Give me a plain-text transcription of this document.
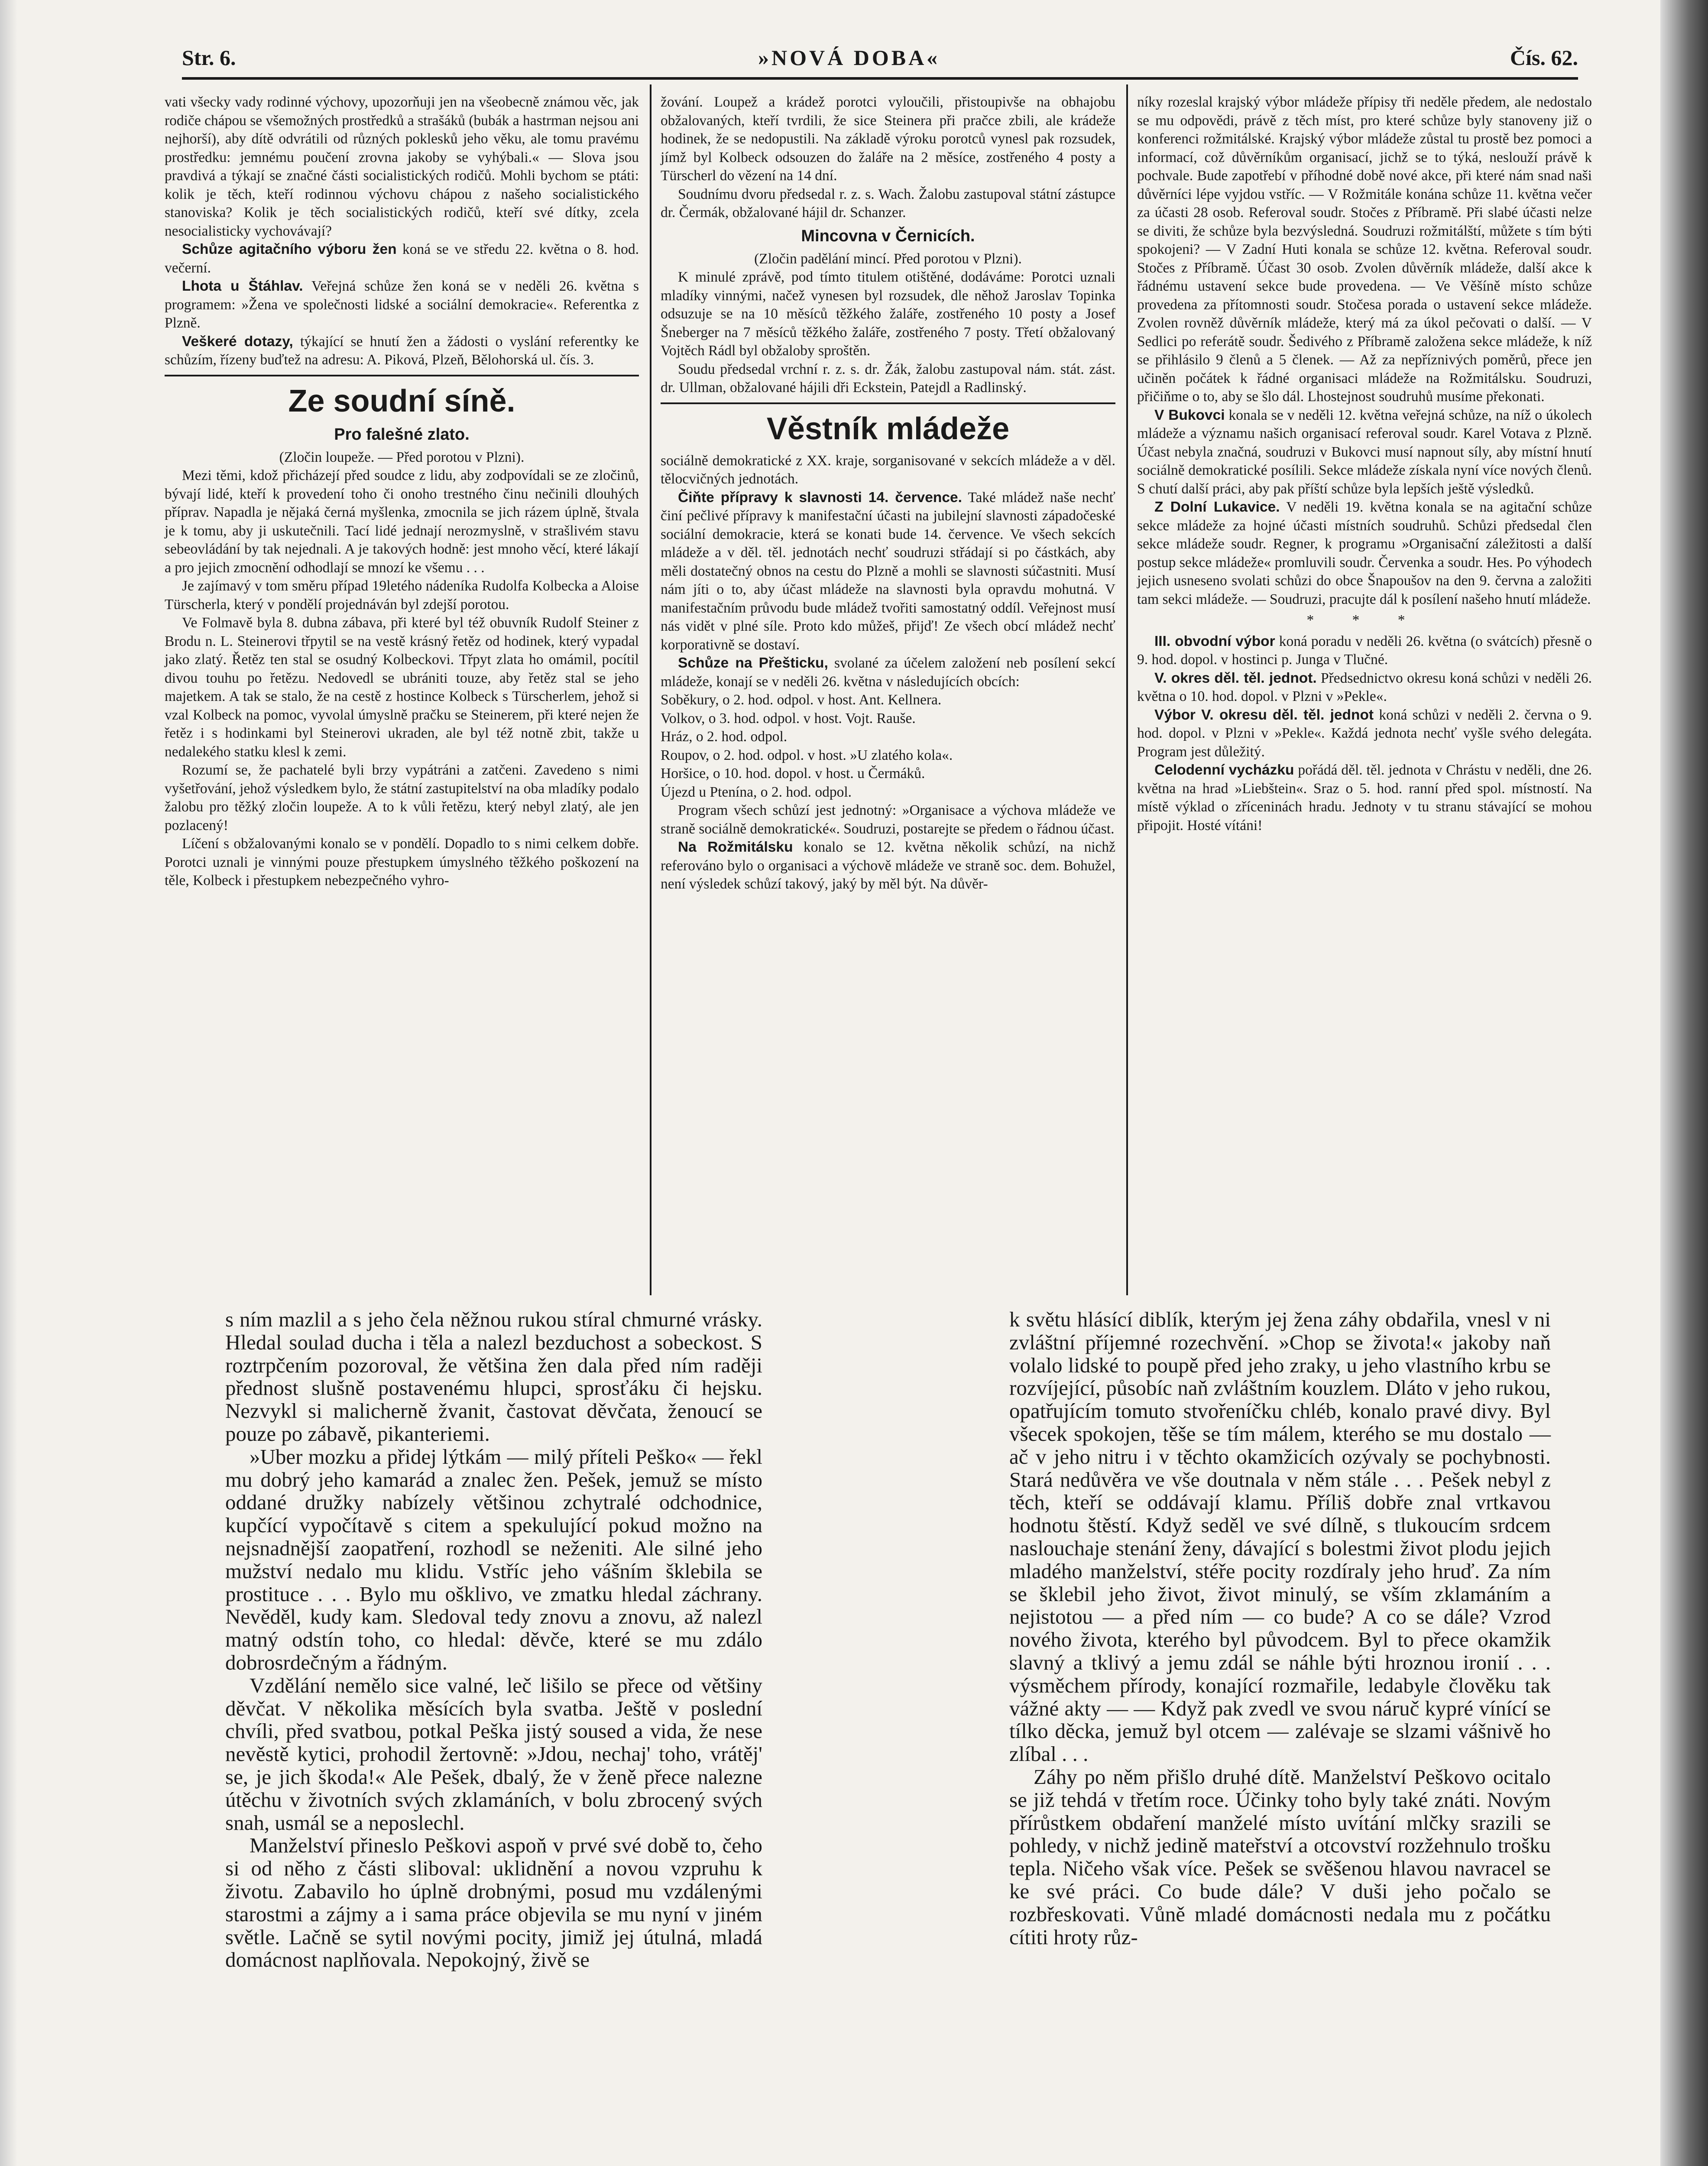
Str. 6.	»NOVÁ DOBA«	Čís. 62.

vati všecky vady rodinné výchovy, upozorňuji jen na všeobecně známou věc, jak rodiče chápou se všemožných prostředků a strašáků (bubák a hastrman nejsou ani nejhorší), aby dítě odvrátili od různých poklesků jeho věku, ale tomu pravému prostředku: jemnému poučení zrovna jakoby se vyhýbali.« — Slova jsou pravdivá a týkají se značné části socialistických rodičů. Mohli bychom se ptáti: kolik je těch, kteří rodinnou výchovu chápou z našeho socialistického stanoviska? Kolik je těch socialistických rodičů, kteří své dítky, zcela nesocialisticky vychovávají?

Schůze agitačního výboru žen koná se ve středu 22. května o 8. hod. večerní.

Lhota u Štáhlav. Veřejná schůze žen koná se v neděli 26. května s programem: »Žena ve společnosti lidské a sociální demokracie«. Referentka z Plzně.

Veškeré dotazy, týkající se hnutí žen a žádosti o vyslání referentky ke schůzím, řízeny buďtež na adresu: A. Piková, Plzeň, Bělohorská ul. čís. 3.

Ze soudní síně.
Pro falešné zlato.
(Zločin loupeže. — Před porotou v Plzni).

Mezi těmi, kdož přicházejí před soudce z lidu, aby zodpovídali se ze zločinů, bývají lidé, kteří k provedení toho či onoho trestného činu nečinili dlouhých příprav. Napadla je nějaká černá myšlenka, zmocnila se jich rázem úplně, štvala je k tomu, aby ji uskutečnili. Tací lidé jednají nerozmyslně, v strašlivém stavu sebeovládání by tak nejednali. A je takových hodně: jest mnoho věcí, které lákají a pro jejich zmocnění odhodlají se mnozí ke všemu . . .

Je zajímavý v tom směru případ 19letého nádeníka Rudolfa Kolbecka a Aloise Türscherla, který v pondělí projednáván byl zdejší porotou.

Ve Folmavě byla 8. dubna zábava, při které byl též obuvník Rudolf Steiner z Brodu n. L. Steinerovi třpytil se na vestě krásný řetěz od hodinek, který vypadal jako zlatý. Řetěz ten stal se osudný Kolbeckovi. Třpyt zlata ho omámil, pocítil divou touhu po řetězu. Nedovedl se ubrániti touze, aby řetěz stal se jeho majetkem. A tak se stalo, že na cestě z hostince Kolbeck s Türscherlem, jehož si vzal Kolbeck na pomoc, vyvolal úmyslně pračku se Steinerem, při které nejen že řetěz i s hodinkami byl Steinerovi ukraden, ale byl též notně zbit, takže u nedalekého statku klesl k zemi.

Rozumí se, že pachatelé byli brzy vypátráni a zatčeni. Zavedeno s nimi vyšetřování, jehož výsledkem bylo, že státní zastupitelství na oba mladíky podalo žalobu pro těžký zločin loupeže. A to k vůli řetězu, který nebyl zlatý, ale jen pozlacený!

Líčení s obžalovanými konalo se v pondělí. Dopadlo to s nimi celkem dobře. Porotci uznali je vinnými pouze přestupkem úmyslného těžkého poškození na těle, Kolbeck i přestupkem nebezpečného vyhro-

žování. Loupež a krádež porotci vyloučili, přistoupivše na obhajobu obžalovaných, kteří tvrdili, že sice Steinera při pračce zbili, ale krádeže hodinek, že se nedopustili. Na základě výroku porotců vynesl pak rozsudek, jímž byl Kolbeck odsouzen do žaláře na 2 měsíce, zostřeného 4 posty a Türscherl do vězení na 14 dní.

Soudnímu dvoru předsedal r. z. s. Wach. Žalobu zastupoval státní zástupce dr. Čermák, obžalované hájil dr. Schanzer.

Mincovna v Černicích.
(Zločin padělání mincí. Před porotou v Plzni).

K minulé zprávě, pod tímto titulem otištěné, dodáváme: Porotci uznali mladíky vinnými, načež vynesen byl rozsudek, dle něhož Jaroslav Topinka odsuzuje se na 10 měsíců těžkého žaláře, zostřeného 10 posty a Josef Šneberger na 7 měsíců těžkého žaláře, zostřeného 7 posty. Třetí obžalovaný Vojtěch Rádl byl obžaloby sproštěn.

Soudu předsedal vrchní r. z. s. dr. Žák, žalobu zastupoval nám. stát. zást. dr. Ullman, obžalované hájili dři Eckstein, Patejdl a Radlinský.

Věstník mládeže

sociálně demokratické z XX. kraje, sorganisované v sekcích mládeže a v děl. tělocvičných jednotách.

Čiňte přípravy k slavnosti 14. července. Také mládež naše nechť činí pečlivé přípravy k manifestační účasti na jubilejní slavnosti západočeské sociální demokracie, která se konati bude 14. července. Ve všech sekcích mládeže a v děl. těl. jednotách nechť soudruzi střádají si po částkách, aby měli dostatečný obnos na cestu do Plzně a mohli se slavnosti súčastniti. Musí nám jíti o to, aby účast mládeže na slavnosti byla opravdu mohutná. V manifestačním průvodu bude mládež tvořiti samostatný oddíl. Veřejnost musí nás vidět v plné síle. Proto kdo můžeš, přijď! Ze všech obcí mládež nechť korporativně se dostaví.

Schůze na Přešticku, svolané za účelem založení neb posílení sekcí mládeže, konají se v neděli 26. května v následujících obcích:

Soběkury, o 2. hod. odpol. v host. Ant. Kellnera.

Volkov, o 3. hod. odpol. v host. Vojt. Rauše.

Hráz, o 2. hod. odpol.

Roupov, o 2. hod. odpol. v host. »U zlatého kola«.

Horšice, o 10. hod. dopol. v host. u Čermáků.

Újezd u Ptenína, o 2. hod. odpol.

Program všech schůzí jest jednotný: »Organisace a výchova mládeže ve straně sociálně demokratické«. Soudruzi, postarejte se předem o řádnou účast.

Na Rožmitálsku konalo se 12. května několik schůzí, na nichž referováno bylo o organisaci a výchově mládeže ve straně soc. dem. Bohužel, není výsledek schůzí takový, jaký by měl být. Na důvěr-

níky rozeslal krajský výbor mládeže přípisy tři neděle předem, ale nedostalo se mu odpovědi, právě z těch míst, pro které schůze byly stanoveny již o konferenci rožmitálské. Krajský výbor mládeže zůstal tu prostě bez pomoci a informací, což důvěrníkům organisací, jichž se to týká, neslouží právě k pochvale. Bude zapotřebí v příhodné době nové akce, při které nám snad naši důvěrníci lépe vyjdou vstříc. — V Rožmitále konána schůze 11. května večer za účasti 28 osob. Referoval soudr. Stočes z Příbramě. Při slabé účasti nelze se diviti, že schůze byla bezvýsledná. Soudruzi rožmitálští, můžete s tím býti spokojeni? — V Zadní Huti konala se schůze 12. května. Referoval soudr. Stočes z Příbramě. Účast 30 osob. Zvolen důvěrník mládeže, další akce k řádnému ustavení sekce bude provedena. — Ve Věšíně místo schůze provedena za přítomnosti soudr. Stočesa porada o ustavení sekce mládeže. Zvolen rovněž důvěrník mládeže, který má za úkol pečovati o další. — V Sedlici po referátě soudr. Šedivého z Příbramě založena sekce mládeže, k níž se přihlásilo 9 členů a 5 členek. — Až za nepříznivých poměrů, přece jen učiněn počátek k řádné organisaci mládeže na Rožmitálsku. Soudruzi, přičiňme o to, aby se šlo dál. Lhostejnost soudruhů musíme překonati.

V Bukovci konala se v neděli 12. května veřejná schůze, na níž o úkolech mládeže a významu našich organisací referoval soudr. Karel Votava z Plzně. Účast nebyla značná, soudruzi v Bukovci musí napnout síly, aby místní hnutí sociálně demokratické posílili. Sekce mládeže získala nyní více nových členů. S chutí další práci, aby pak příští schůze byla lepších ještě výsledků.

Z Dolní Lukavice. V neděli 19. května konala se na agitační schůze sekce mládeže za hojné účasti místních soudruhů. Schůzi předsedal člen sekce mládeže soudr. Regner, k programu »Organisační záležitosti a další postup sekce mládeže« promluvili soudr. Červenka a soudr. Hes. Po výhodech jejich usneseno svolati schůzi do obce Šnapoušov na den 9. června a založiti tam sekci mládeže. — Soudruzi, pracujte dál k posílení našeho hnutí mládeže.

* * *

III. obvodní výbor koná poradu v neděli 26. května (o svátcích) přesně o 9. hod. dopol. v hostinci p. Junga v Tlučné.

V. okres děl. těl. jednot. Předsednictvo okresu koná schůzi v neděli 26. května o 10. hod. dopol. v Plzni v »Pekle«.

Výbor V. okresu děl. těl. jednot koná schůzi v neděli 2. června o 9. hod. dopol. v Plzni v »Pekle«. Každá jednota nechť vyšle svého delegáta. Program jest důležitý.

Celodenní vycházku pořádá děl. těl. jednota v Chrástu v neděli, dne 26. května na hrad »Liebštein«. Sraz o 5. hod. ranní před spol. místností. Na místě výklad o zříceninách hradu. Jednoty v tu stranu stávající se mohou připojit. Hosté vítáni!

s ním mazlil a s jeho čela něžnou rukou stíral chmurné vrásky. Hledal soulad ducha i těla a nalezl bezduchost a sobeckost. S roztrpčením pozoroval, že většina žen dala před ním raději přednost slušně postavenému hlupci, sprosťáku či hejsku. Nezvykl si malicherně žvanit, častovat děvčata, ženoucí se pouze po zábavě, pikanteriemi.

»Uber mozku a přidej lýtkám — milý příteli Peško« — řekl mu dobrý jeho kamarád a znalec žen. Pešek, jemuž se místo oddané družky nabízely většinou zchytralé odchodnice, kupčící vypočítavě s citem a spekulující pokud možno na nejsnadnější zaopatření, rozhodl se neženiti. Ale silné jeho mužství nedalo mu klidu. Vstříc jeho vášním šklebila se prostituce . . . Bylo mu ošklivo, ve zmatku hledal záchrany. Nevěděl, kudy kam. Sledoval tedy znovu a znovu, až nalezl matný odstín toho, co hledal: děvče, které se mu zdálo dobrosrdečným a řádným.

Vzdělání nemělo sice valné, leč lišilo se přece od většiny děvčat. V několika měsících byla svatba. Ještě v poslední chvíli, před svatbou, potkal Peška jistý soused a vida, že nese nevěstě kytici, prohodil žertovně: »Jdou, nechaj' toho, vrátěj' se, je jich škoda!« Ale Pešek, dbalý, že v ženě přece nalezne útěchu v životních svých zklamáních, v bolu zbrocený svých snah, usmál se a neposlechl.

Manželství přineslo Peškovi aspoň v prvé své době to, čeho si od něho z části sliboval: uklidnění a novou vzpruhu k životu. Zabavilo ho úplně drobnými, posud mu vzdálenými starostmi a zájmy a i sama práce objevila se mu nyní v jiném světle. Lačně se sytil novými pocity, jimiž jej útulná, mladá domácnost naplňovala. Nepokojný, živě se

k světu hlásící diblík, kterým jej žena záhy obdařila, vnesl v ni zvláštní příjemné rozechvění. »Chop se života!« jakoby naň volalo lidské to poupě před jeho zraky, u jeho vlastního krbu se rozvíjející, působíc naň zvláštním kouzlem. Dláto v jeho rukou, opatřujícím tomuto stvořeníčku chléb, konalo pravé divy. Byl všecek spokojen, těše se tím málem, kterého se mu dostalo — ač v jeho nitru i v těchto okamžicích ozývaly se pochybnosti. Stará nedůvěra ve vše doutnala v něm stále . . . Pešek nebyl z těch, kteří se oddávají klamu. Příliš dobře znal vrtkavou hodnotu štěstí. Když seděl ve své dílně, s tlukoucím srdcem naslouchaje stenání ženy, dávající s bolestmi život plodu jejich mladého manželství, stéře pocity rozdíraly jeho hruď. Za ním se šklebil jeho život, život minulý, se vším zklamáním a nejistotou — a před ním — co bude? A co se dále? Vzrod nového života, kterého byl původcem. Byl to přece okamžik slavný a tklivý a jemu zdál se náhle býti hroznou ironií . . . výsměchem přírody, konající rozmařile, ledabyle člověku tak vážné akty — — Když pak zvedl ve svou náruč kypré vínící se tílko děcka, jemuž byl otcem — zalévaje se slzami vášnivě ho zlíbal . . .

Záhy po něm přišlo druhé dítě. Manželství Peškovo ocitalo se již tehdá v třetím roce. Účinky toho byly také znáti. Novým přírůstkem obdaření manželé místo uvítání mlčky srazili se pohledy, v nichž jedině mateřství a otcovství rozžehnulo trošku tepla. Ničeho však více. Pešek se svěšenou hlavou navracel se ke své práci. Co bude dále? V duši jeho počalo se rozbřeskovati. Vůně mladé domácnosti nedala mu z počátku cítiti hroty růz-
